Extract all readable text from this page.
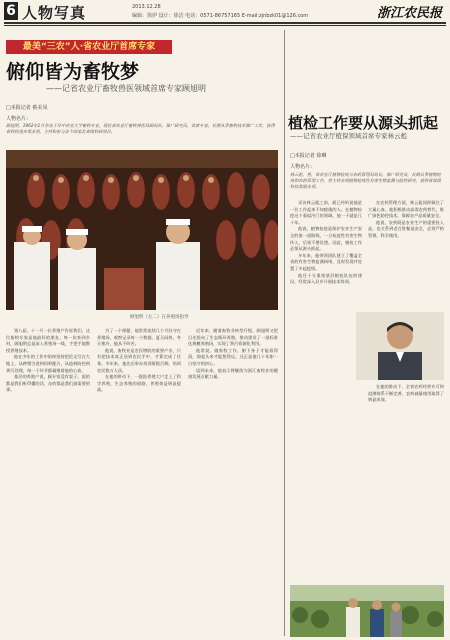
6 人物写真	2013.12.28
编辑：徐伊 设计：徐洁 电话：0571-86757165 E-mail:zjnbzk01@126.com	浙江农民报
最美“三农”人·省农业厅首席专家
俯仰皆为畜牧梦
——记省农业厅畜牧兽医领域首席专家顾旭明
□本报记者 蔡美凤
人物名片：
顾旭明，1962年1月毕业于华中农业大学畜牧专业，现任省农业厅畜牧兽医局副局长、推广研究员，首席专家，长期从事畜牧技术推广工作，获得省科技进步奖多项，主持和参与多个国家及省级科研项目。
顾旭明（左二）在养殖场指导

第八届、十一月一位养殖户告诉我们，这位畜牧专家是他最好的朋友。每一次来到乡村，顾旭明总是深入养殖场一线，手把手地教授养殖技术。

他在多年的工作中始终坚持把论文写在大地上，从种猪引进到饲料配方，从疫病防控到粪污处理，每一个环节都凝聚着他的心血。

基层的养殖户说，顾专家没有架子，说的都是我们听得懂的话，办的都是我们最需要的事。

为了一个课题，他常常连续几个月驻守在养殖场，观察记录每一个数据。夏天闷热，冬天寒冷，他从不叫苦。

他说，畜牧业是农民增收的重要产业，只有把技术真正送到农民手中，才算完成了任务。多年来，他先后举办培训班数百期，培训农民数万人次。

在他的带动下，一批批养殖大户走上了科学养殖、生态养殖的道路，养殖效益明显提高。

近年来，随着畜牧业转型升级，顾旭明又把目光投向了生态循环养殖，推动建设了一批标准化规模养殖场，实现了粪污资源化利用。

他常说，做畜牧工作，俯下身子才能看得清，仰起头来才能想得远。这正是他几十年如一日坚守的初心。

谈到未来，他表示将继续为浙江畜牧业的健康发展贡献力量。

植检工作要从源头抓起
——记省农业厅植保领域首席专家林云彪
□本报记者 徐琳
人物名片：
林云彪，男，省农业厅植物检疫与农药管理局局长，推广研究员，长期从事植物检疫和农药管理工作，曾主持多项植物检疫性有害生物监测与防控研究，获得省部级科技奖励多项。

采访林云彪之前，就已经听说他是一位工作起来不知疲倦的人。在植物检疫这个看似冷门的领域，他一干就是几十年。

他说，植物检疫是保护农业生产安全的第一道防线，一旦检疫性有害生物传入，后果不堪设想。因此，植检工作必须从源头抓起。

多年来，他带领团队建立了覆盖全省的有害生物监测网络，及时发现并处置了多起疫情。

他还十分重视基层植检队伍的建设，经常深入县乡开展技术培训。

在农药管理方面，林云彪同样倾注了大量心血。他积极推动高毒农药替代，推广绿色防控技术，保障农产品质量安全。

他说，农药既是农业生产的重要投入品，也关系到老百姓餐桌安全，必须严格管理，科学使用。

在他的推动下，全省农药经营许可和追溯体系不断完善，农药减量使用取得了明显成效。
